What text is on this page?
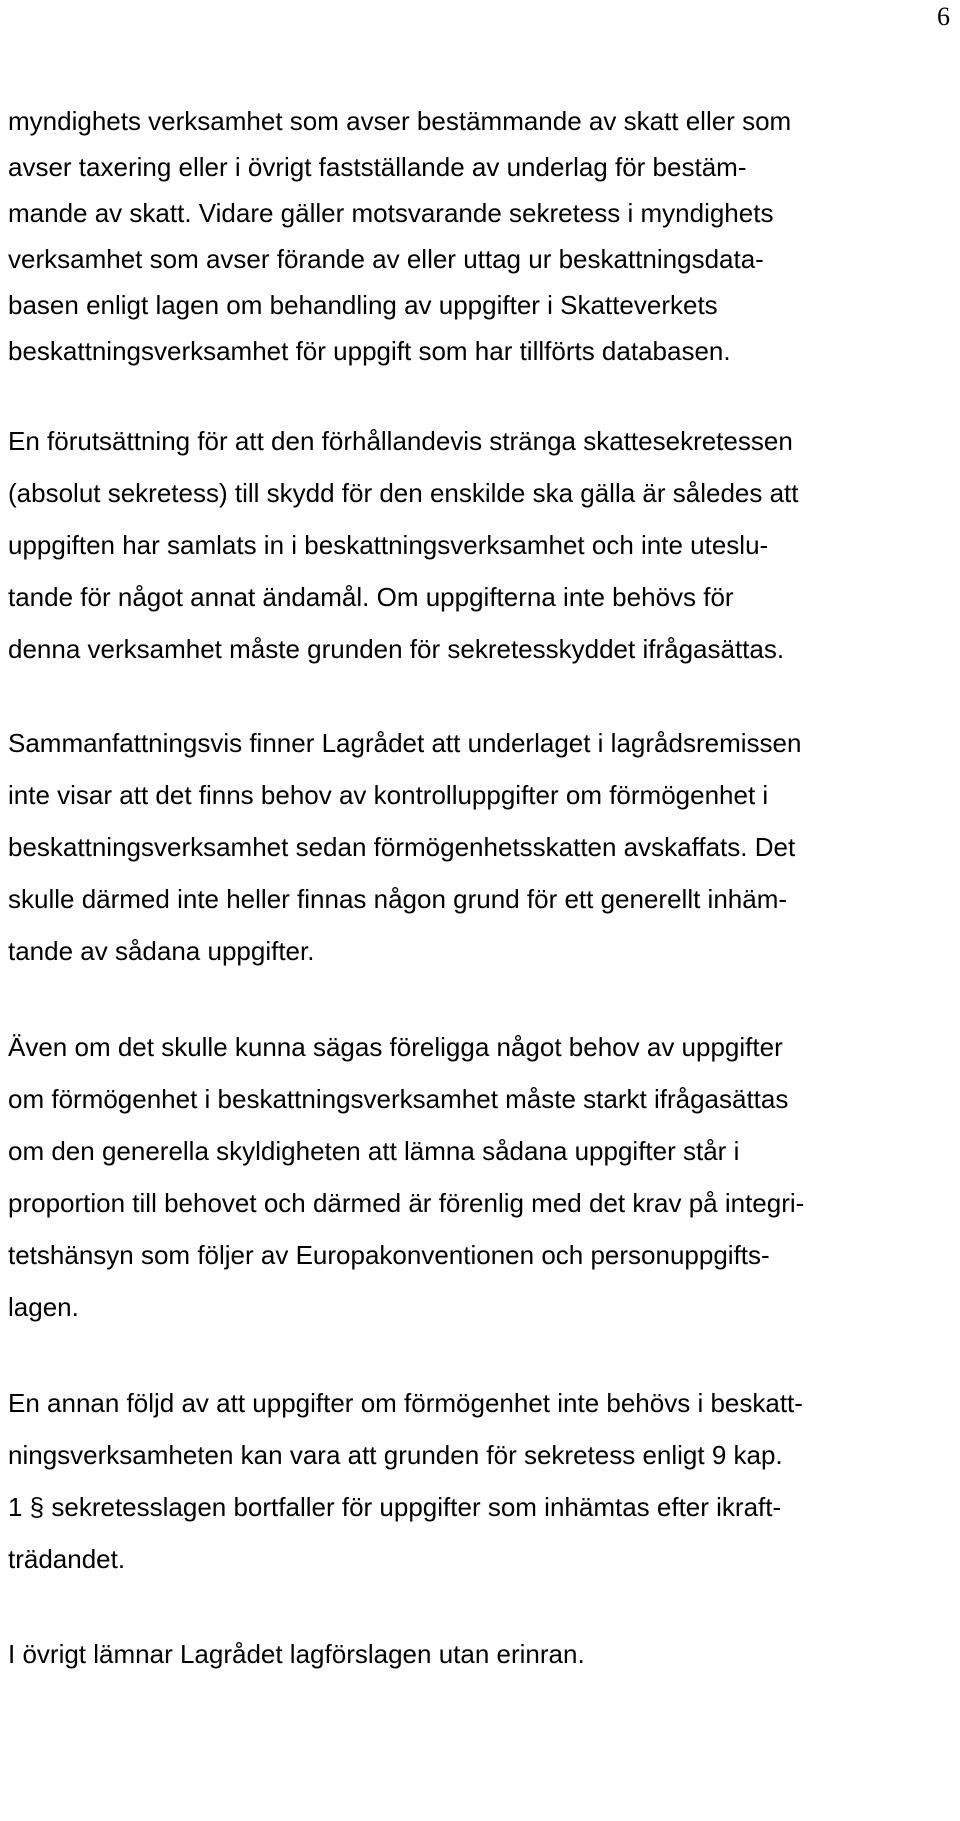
6
myndighets verksamhet som avser bestämmande av skatt eller som
avser taxering eller i övrigt fastställande av underlag för bestäm-
mande av skatt. Vidare gäller motsvarande sekretess i myndighets
verksamhet som avser förande av eller uttag ur beskattningsdata-
basen enligt lagen om behandling av uppgifter i Skatteverkets
beskattningsverksamhet för uppgift som har tillförts databasen.
En förutsättning för att den förhållandevis stränga skattesekretessen
(absolut sekretess) till skydd för den enskilde ska gälla är således att
uppgiften har samlats in i beskattningsverksamhet och inte uteslu-
tande för något annat ändamål. Om uppgifterna inte behövs för
denna verksamhet måste grunden för sekretesskyddet ifrågasättas.
Sammanfattningsvis finner Lagrådet att underlaget i lagrådsremissen
inte visar att det finns behov av kontrolluppgifter om förmögenhet i
beskattningsverksamhet sedan förmögenhetsskatten avskaffats. Det
skulle därmed inte heller finnas någon grund för ett generellt inhäm-
tande av sådana uppgifter.
Även om det skulle kunna sägas föreligga något behov av uppgifter
om förmögenhet i beskattningsverksamhet måste starkt ifrågasättas
om den generella skyldigheten att lämna sådana uppgifter står i
proportion till behovet och därmed är förenlig med det krav på integri-
tetshänsyn som följer av Europakonventionen och personuppgifts-
lagen.
En annan följd av att uppgifter om förmögenhet inte behövs i beskatt-
ningsverksamheten kan vara att grunden för sekretess enligt 9 kap.
1 § sekretesslagen bortfaller för uppgifter som inhämtas efter ikraft-
trädandet.
I övrigt lämnar Lagrådet lagförslagen utan erinran.
